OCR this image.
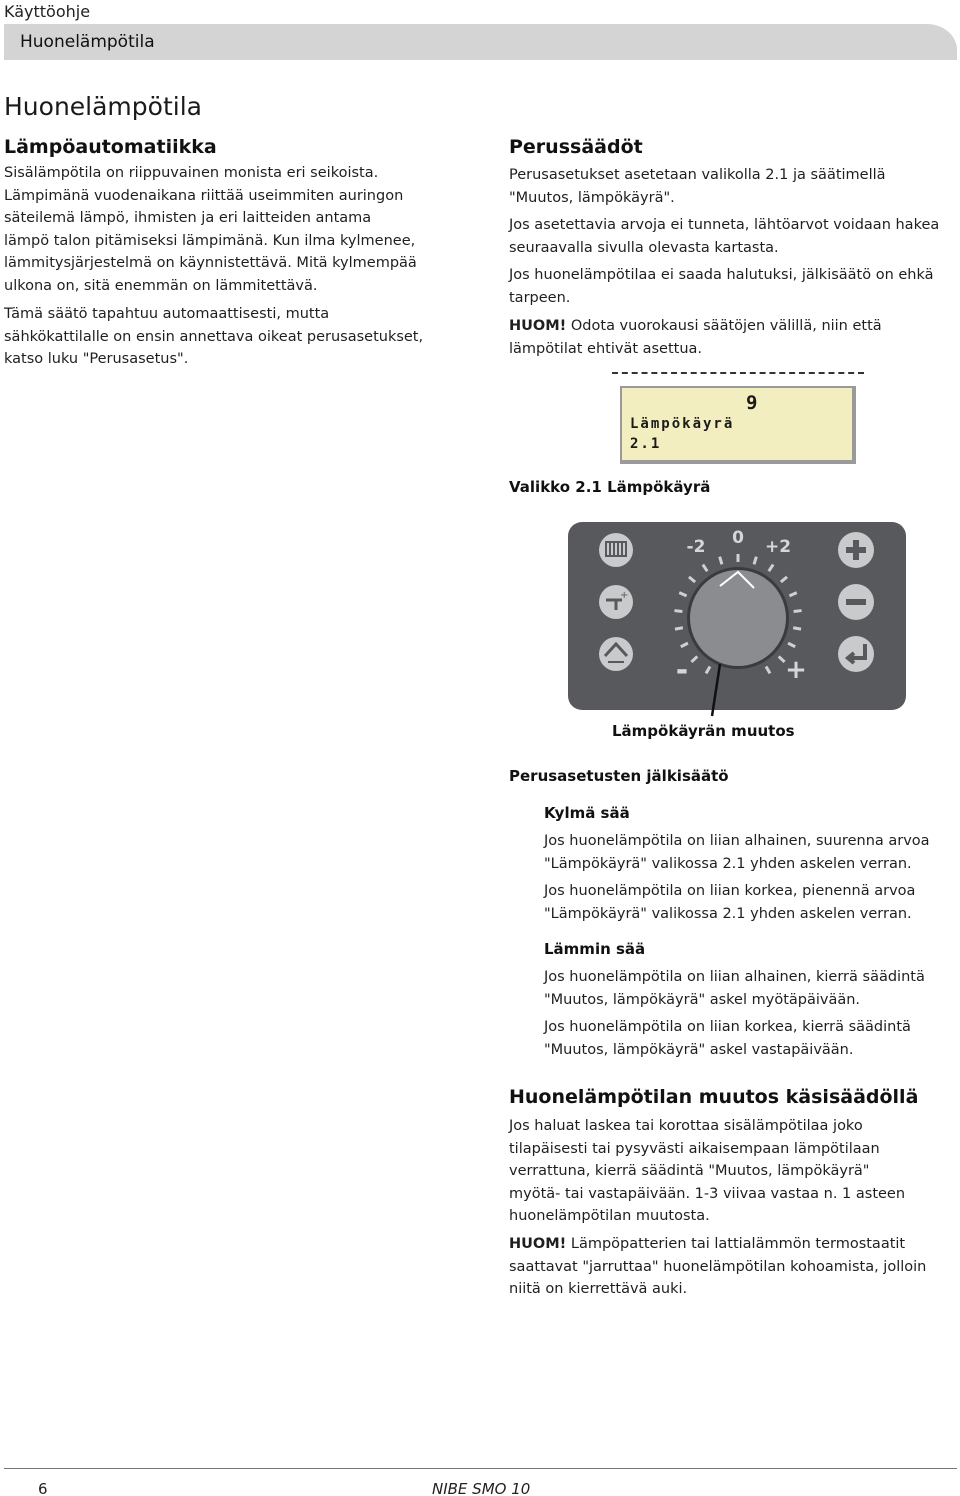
Käyttöohje
Huonelämpötila
Huonelämpötila
Lämpöautomatiikka
Sisälämpötila on riippuvainen monista eri seikoista.
Lämpimänä vuodenaikana riittää useimmiten auringon
säteilemä lämpö, ihmisten ja eri laitteiden antama
lämpö talon pitämiseksi lämpimänä. Kun ilma kylmenee,
lämmitysjärjestelmä on käynnistettävä. Mitä kylmempää
ulkona on, sitä enemmän on lämmitettävä.
Tämä säätö tapahtuu automaattisesti, mutta
sähkökattilalle on ensin annettava oikeat perusasetukset,
katso luku "Perusasetus".
Perussäädöt
Perusasetukset asetetaan valikolla 2.1 ja säätimellä
"Muutos, lämpökäyrä".
Jos asetettavia arvoja ei tunneta, lähtöarvot voidaan hakea
seuraavalla sivulla olevasta kartasta.
Jos huonelämpötilaa ei saada halutuksi, jälkisäätö on ehkä
tarpeen.
HUOM! Odota vuorokausi säätöjen välillä, niin että
lämpötilat ehtivät asettua.
9
Lämpökäyrä
2.1
Valikko 2.1 Lämpökäyrä
+
-2 0 +2
-	+
Lämpökäyrän muutos
Perusasetusten jälkisäätö
Kylmä sää
Jos huonelämpötila on liian alhainen, suurenna arvoa
"Lämpökäyrä" valikossa 2.1 yhden askelen verran.
Jos huonelämpötila on liian korkea, pienennä arvoa
"Lämpökäyrä" valikossa 2.1 yhden askelen verran.
Lämmin sää
Jos huonelämpötila on liian alhainen, kierrä säädintä
"Muutos, lämpökäyrä" askel myötäpäivään.
Jos huonelämpötila on liian korkea, kierrä säädintä
"Muutos, lämpökäyrä" askel vastapäivään.
Huonelämpötilan muutos käsisäädöllä
Jos haluat laskea tai korottaa sisälämpötilaa joko
tilapäisesti tai pysyvästi aikaisempaan lämpötilaan
verrattuna, kierrä säädintä "Muutos, lämpökäyrä"
myötä- tai vastapäivään. 1-3 viivaa vastaa n. 1 asteen
huonelämpötilan muutosta.
HUOM! Lämpöpatterien tai lattialämmön termostaatit
saattavat "jarruttaa" huonelämpötilan kohoamista, jolloin
niitä on kierrettävä auki.
6	NIBE SMO 10
